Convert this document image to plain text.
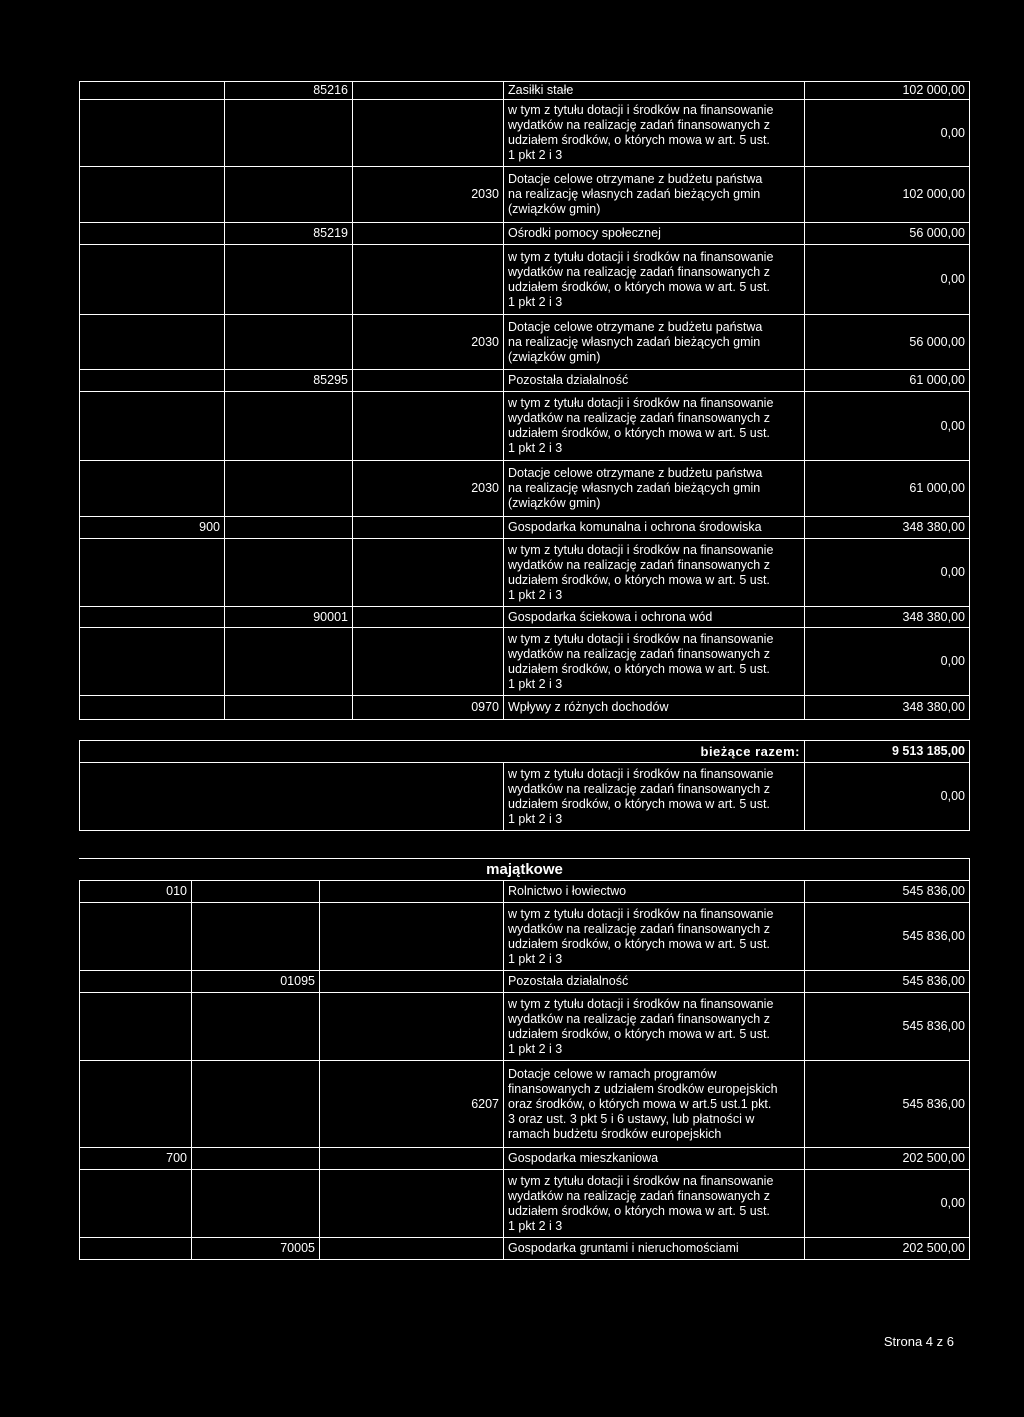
	85216		Zasiłki stałe	102 000,00
			w tym z tytułu dotacji i środków na finansowanie
wydatków na realizację zadań finansowanych z
udziałem środków, o których mowa w art. 5 ust.
1 pkt 2 i 3	0,00
		2030	Dotacje celowe otrzymane z budżetu państwa
na realizację własnych zadań bieżących gmin
(związków gmin)	102 000,00
	85219		Ośrodki pomocy społecznej	56 000,00
			w tym z tytułu dotacji i środków na finansowanie
wydatków na realizację zadań finansowanych z
udziałem środków, o których mowa w art. 5 ust.
1 pkt 2 i 3	0,00
		2030	Dotacje celowe otrzymane z budżetu państwa
na realizację własnych zadań bieżących gmin
(związków gmin)	56 000,00
	85295		Pozostała działalność	61 000,00
			w tym z tytułu dotacji i środków na finansowanie
wydatków na realizację zadań finansowanych z
udziałem środków, o których mowa w art. 5 ust.
1 pkt 2 i 3	0,00
		2030	Dotacje celowe otrzymane z budżetu państwa
na realizację własnych zadań bieżących gmin
(związków gmin)	61 000,00
900			Gospodarka komunalna i ochrona środowiska	348 380,00
			w tym z tytułu dotacji i środków na finansowanie
wydatków na realizację zadań finansowanych z
udziałem środków, o których mowa w art. 5 ust.
1 pkt 2 i 3	0,00
	90001		Gospodarka ściekowa i ochrona wód	348 380,00
			w tym z tytułu dotacji i środków na finansowanie
wydatków na realizację zadań finansowanych z
udziałem środków, o których mowa w art. 5 ust.
1 pkt 2 i 3	0,00
		0970	Wpływy z różnych dochodów	348 380,00
bieżące razem:		9 513 185,00
	w tym z tytułu dotacji i środków na finansowanie
wydatków na realizację zadań finansowanych z
udziałem środków, o których mowa w art. 5 ust.
1 pkt 2 i 3	0,00
majątkowe				
010			Rolnictwo i łowiectwo	545 836,00
			w tym z tytułu dotacji i środków na finansowanie
wydatków na realizację zadań finansowanych z
udziałem środków, o których mowa w art. 5 ust.
1 pkt 2 i 3	545 836,00
	01095		Pozostała działalność	545 836,00
			w tym z tytułu dotacji i środków na finansowanie
wydatków na realizację zadań finansowanych z
udziałem środków, o których mowa w art. 5 ust.
1 pkt 2 i 3	545 836,00
		6207	Dotacje celowe w ramach programów
finansowanych z udziałem środków europejskich
oraz środków, o których mowa w art.5 ust.1 pkt.
3 oraz ust. 3 pkt 5 i 6 ustawy, lub płatności w
ramach budżetu środków europejskich	545 836,00
700			Gospodarka mieszkaniowa	202 500,00
			w tym z tytułu dotacji i środków na finansowanie
wydatków na realizację zadań finansowanych z
udziałem środków, o których mowa w art. 5 ust.
1 pkt 2 i 3	0,00
	70005		Gospodarka gruntami i nieruchomościami	202 500,00
Strona 4 z 6
